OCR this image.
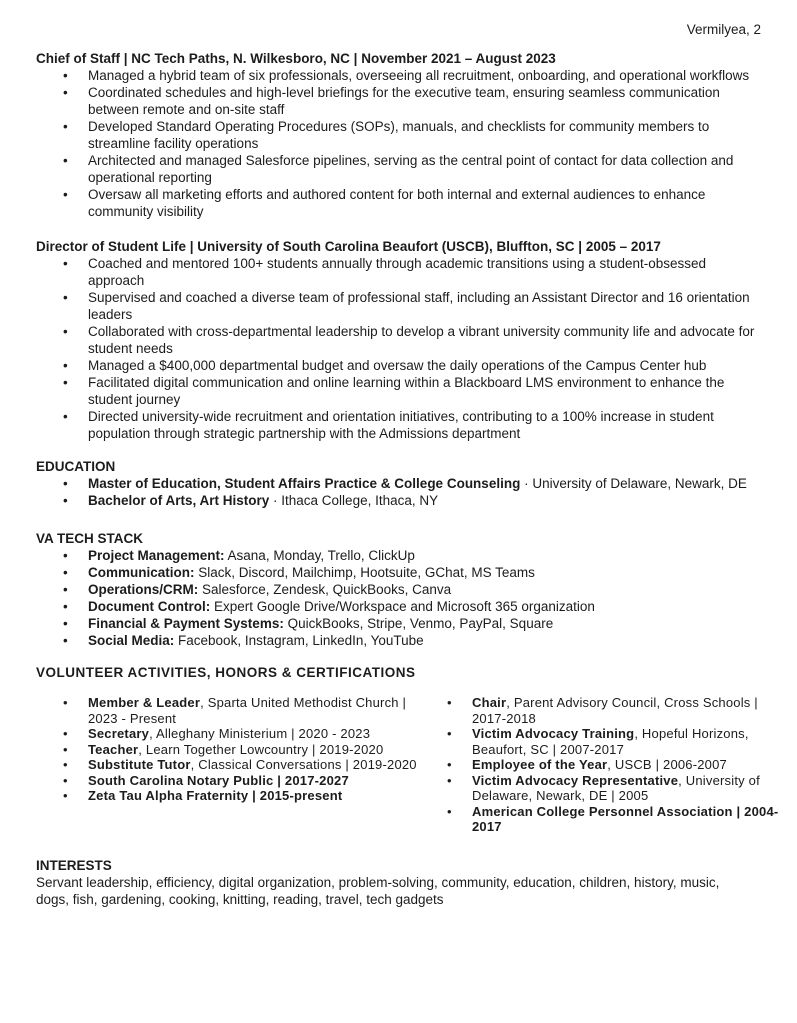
Vermilyea, 2
Chief of Staff | NC Tech Paths, N. Wilkesboro, NC | November 2021 – August 2023
•
Managed a hybrid team of six professionals, overseeing all recruitment, onboarding, and operational workflows
•
Coordinated schedules and high-level briefings for the executive team, ensuring seamless communication between remote and on-site staff
•
Developed Standard Operating Procedures (SOPs), manuals, and checklists for community members to streamline facility operations
•
Architected and managed Salesforce pipelines, serving as the central point of contact for data collection and operational reporting
•
Oversaw all marketing efforts and authored content for both internal and external audiences to enhance community visibility
Director of Student Life | University of South Carolina Beaufort (USCB), Bluffton, SC | 2005 – 2017
•
Coached and mentored 100+ students annually through academic transitions using a student-obsessed approach
•
Supervised and coached a diverse team of professional staff, including an Assistant Director and 16 orientation leaders
•
Collaborated with cross-departmental leadership to develop a vibrant university community life and advocate for student needs
•
Managed a $400,000 departmental budget and oversaw the daily operations of the Campus Center hub
•
Facilitated digital communication and online learning within a Blackboard LMS environment to enhance the student journey
•
Directed university-wide recruitment and orientation initiatives, contributing to a 100% increase in student population through strategic partnership with the Admissions department
EDUCATION
•
Master of Education, Student Affairs Practice & College Counseling · University of Delaware, Newark, DE
•
Bachelor of Arts, Art History · Ithaca College, Ithaca, NY
VA TECH STACK
•
Project Management: Asana, Monday, Trello, ClickUp
•
Communication: Slack, Discord, Mailchimp, Hootsuite, GChat, MS Teams
•
Operations/CRM: Salesforce, Zendesk, QuickBooks, Canva
•
Document Control: Expert Google Drive/Workspace and Microsoft 365 organization
•
Financial & Payment Systems: QuickBooks, Stripe, Venmo, PayPal, Square
•
Social Media: Facebook, Instagram, LinkedIn, YouTube
VOLUNTEER ACTIVITIES, HONORS & CERTIFICATIONS
•
Member & Leader, Sparta United Methodist Church | 2023 - Present
•
Secretary, Alleghany Ministerium | 2020 - 2023
•
Teacher, Learn Together Lowcountry | 2019-2020
•
Substitute Tutor, Classical Conversations | 2019-2020
•
South Carolina Notary Public | 2017-2027
•
Zeta Tau Alpha Fraternity | 2015-present
•
Chair, Parent Advisory Council, Cross Schools | 2017-2018
•
Victim Advocacy Training, Hopeful Horizons, Beaufort, SC | 2007-2017
•
Employee of the Year, USCB | 2006-2007
•
Victim Advocacy Representative, University of Delaware, Newark, DE | 2005
•
American College Personnel Association | 2004-2017
INTERESTS
Servant leadership, efficiency, digital organization, problem-solving, community, education, children, history, music, dogs, fish, gardening, cooking, knitting, reading, travel, tech gadgets
